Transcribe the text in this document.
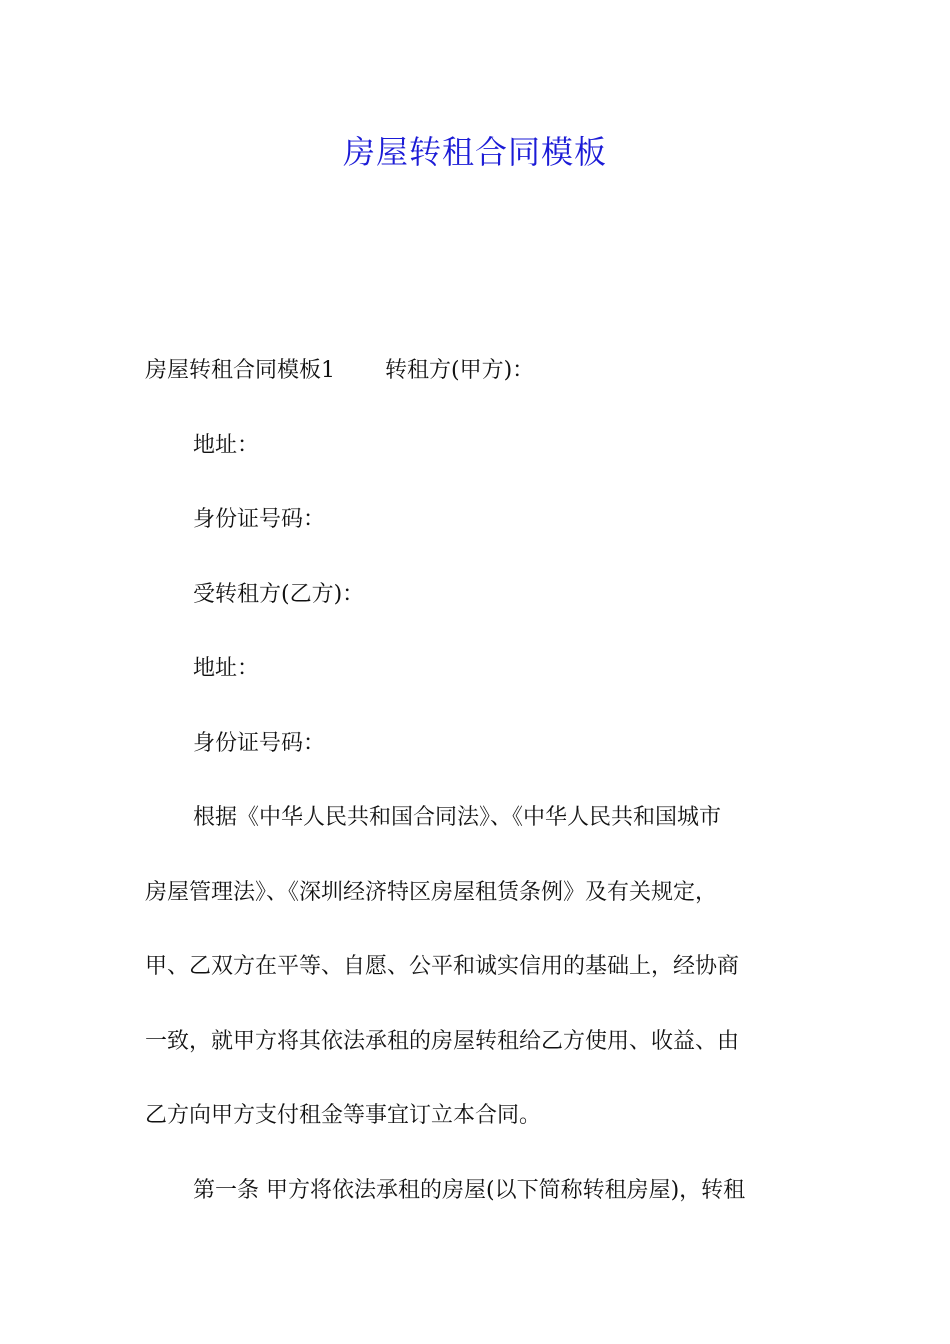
房屋转租合同模板
房屋转租合同模板1 转租方(甲方)：
地址：
身份证号码：
受转租方(乙方)：
地址：
身份证号码：
根据《中华人民共和国合同法》、《中华人民共和国城市
房屋管理法》、《深圳经济特区房屋租赁条例》及有关规定，
甲、乙双方在平等、自愿、公平和诚实信用的基础上，经协商
一致，就甲方将其依法承租的房屋转租给乙方使用、收益、由
乙方向甲方支付租金等事宜订立本合同。
第一条 甲方将依法承租的房屋(以下简称转租房屋)，转租
